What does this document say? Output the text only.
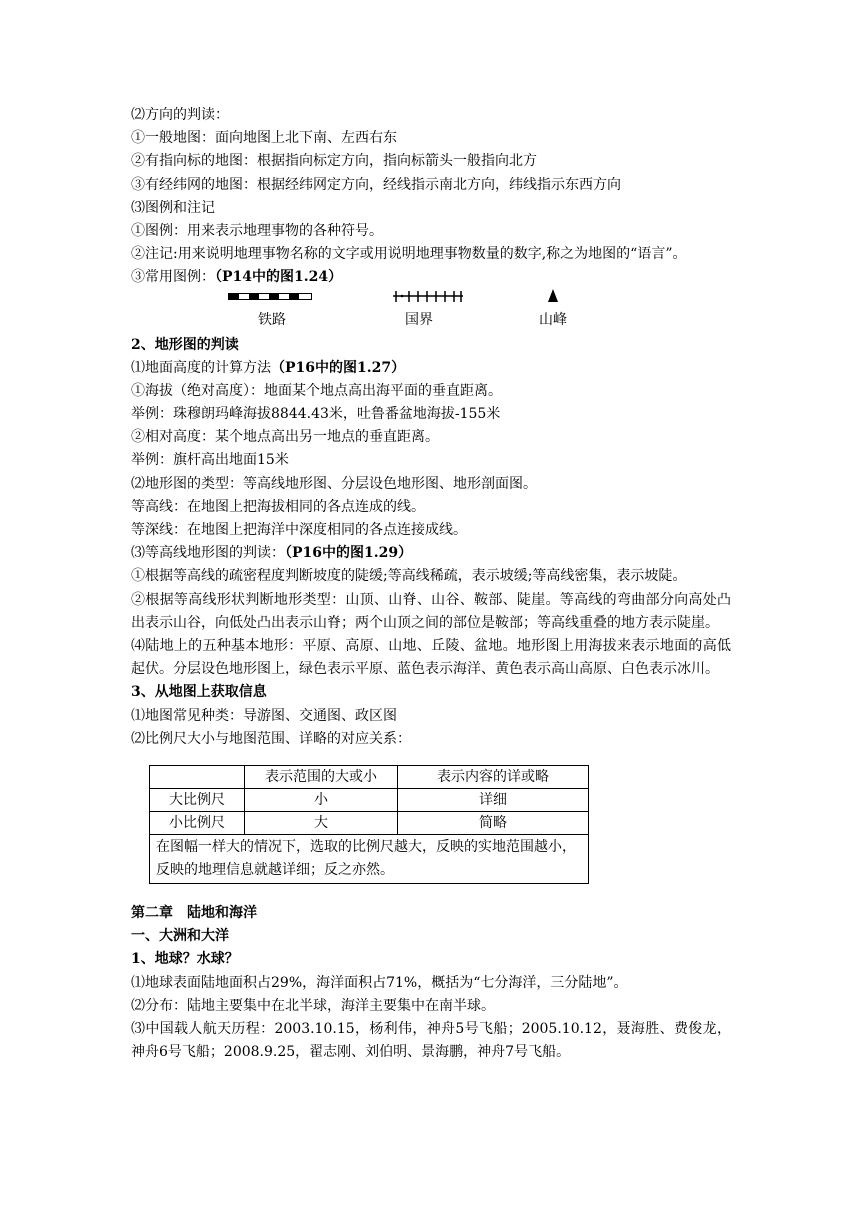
⑵方向的判读：
①一般地图：面向地图上北下南、左西右东
②有指向标的地图：根据指向标定方向，指向标箭头一般指向北方
③有经纬网的地图：根据经纬网定方向，经线指示南北方向，纬线指示东西方向
⑶图例和注记
①图例：用来表示地理事物的各种符号。
②注记:用来说明地理事物名称的文字或用说明地理事物数量的数字,称之为地图的“语言”。
③常用图例：（P14中的图1.24）
铁路	国界	山峰
2、地形图的判读
⑴地面高度的计算方法（P16中的图1.27）
①海拔（绝对高度）：地面某个地点高出海平面的垂直距离。
举例：珠穆朗玛峰海拔8844.43米，吐鲁番盆地海拔-155米
②相对高度：某个地点高出另一地点的垂直距离。
举例：旗杆高出地面15米
⑵地形图的类型：等高线地形图、分层设色地形图、地形剖面图。
等高线：在地图上把海拔相同的各点连成的线。
等深线：在地图上把海洋中深度相同的各点连接成线。
⑶等高线地形图的判读：（P16中的图1.29）
①根据等高线的疏密程度判断坡度的陡缓;等高线稀疏，表示坡缓;等高线密集，表示坡陡。
②根据等高线形状判断地形类型：山顶、山脊、山谷、鞍部、陡崖。等高线的弯曲部分向高处凸出表示山谷，向低处凸出表示山脊；两个山顶之间的部位是鞍部；等高线重叠的地方表示陡崖。
⑷陆地上的五种基本地形：平原、高原、山地、丘陵、盆地。地形图上用海拔来表示地面的高低起伏。分层设色地形图上，绿色表示平原、蓝色表示海洋、黄色表示高山高原、白色表示冰川。
3、从地图上获取信息
⑴地图常见种类：导游图、交通图、政区图
⑵比例尺大小与地图范围、详略的对应关系：
	表示范围的大或小	表示内容的详或略
大比例尺	小	详细
小比例尺	大	简略
在图幅一样大的情况下，选取的比例尺越大，反映的实地范围越小，反映的地理信息就越详细；反之亦然。		
第二章　陆地和海洋
一、大洲和大洋
1、地球？水球？
⑴地球表面陆地面积占29%，海洋面积占71%，概括为“七分海洋，三分陆地”。
⑵分布：陆地主要集中在北半球，海洋主要集中在南半球。
⑶中国载人航天历程：2003.10.15，杨利伟，神舟5号飞船；2005.10.12，聂海胜、费俊龙，神舟6号飞船；2008.9.25，翟志刚、刘伯明、景海鹏，神舟7号飞船。
